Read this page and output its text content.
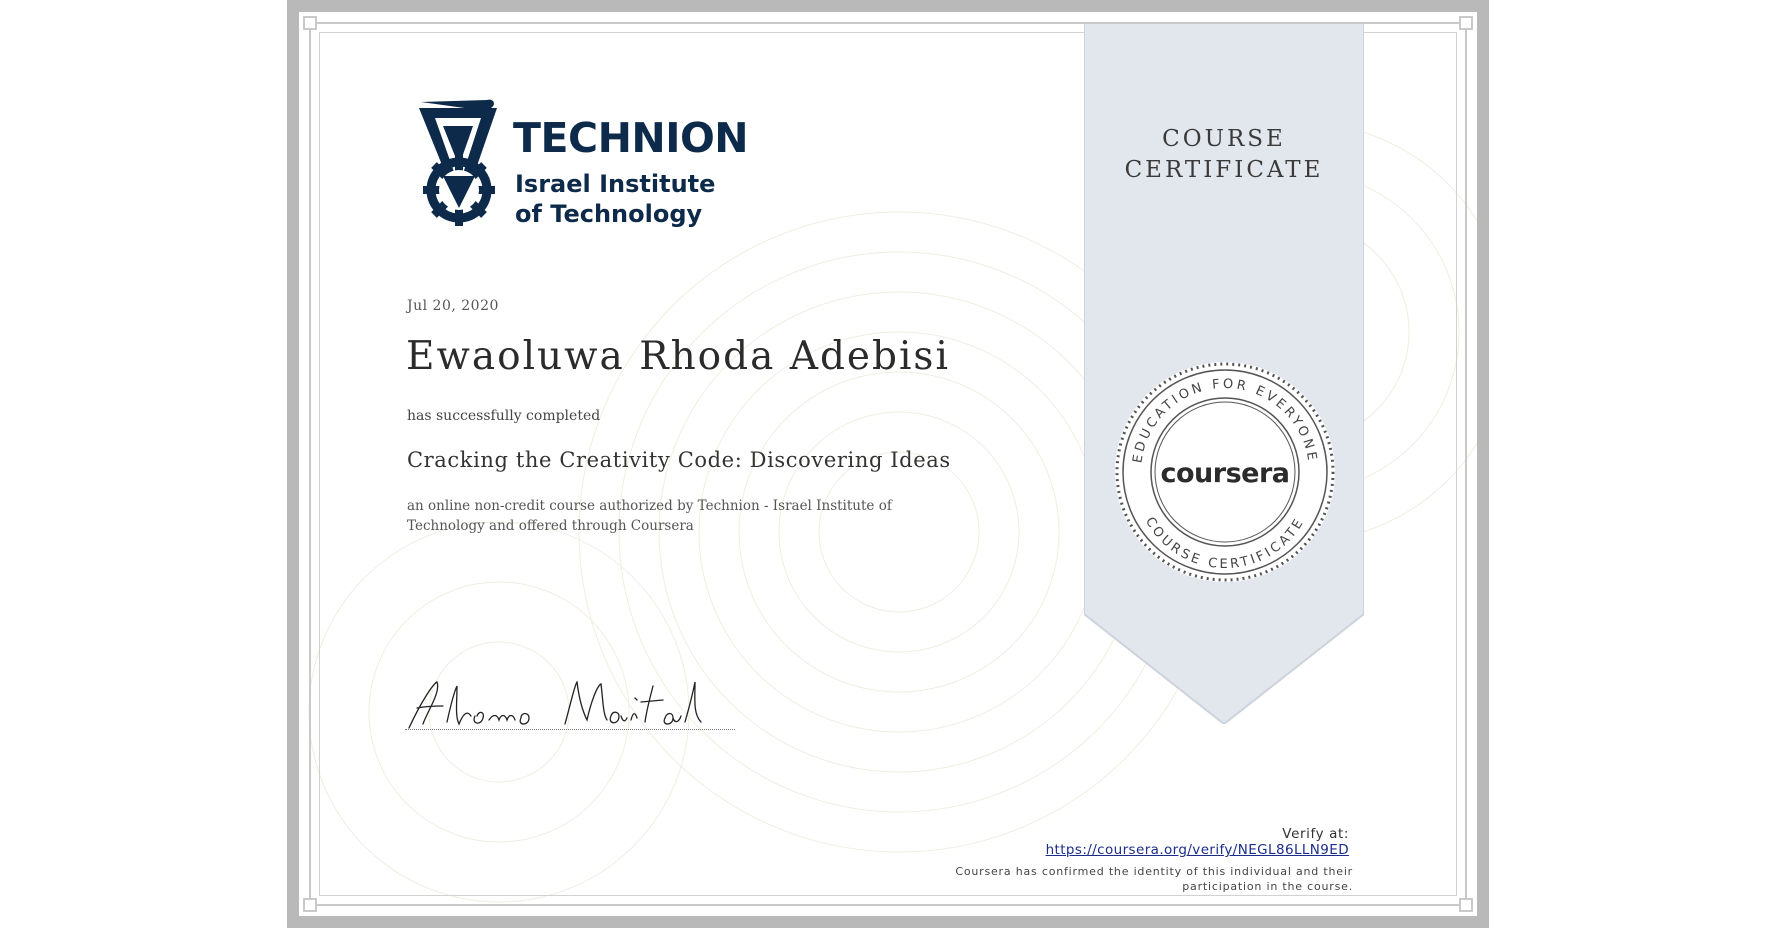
TECHNION
Israel Institute
of Technology
Jul 20, 2020
Ewaoluwa Rhoda Adebisi
has successfully completed
Cracking the Creativity Code: Discovering Ideas
an online non-credit course authorized by Technion - Israel Institute of Technology and offered through Coursera
COURSE CERTIFICATE
EDUCATION FOR EVERYONE
COURSE CERTIFICATE
coursera
Verify at:
https://coursera.org/verify/NEGL86LLN9ED
Coursera has confirmed the identity of this individual and their participation in the course.
